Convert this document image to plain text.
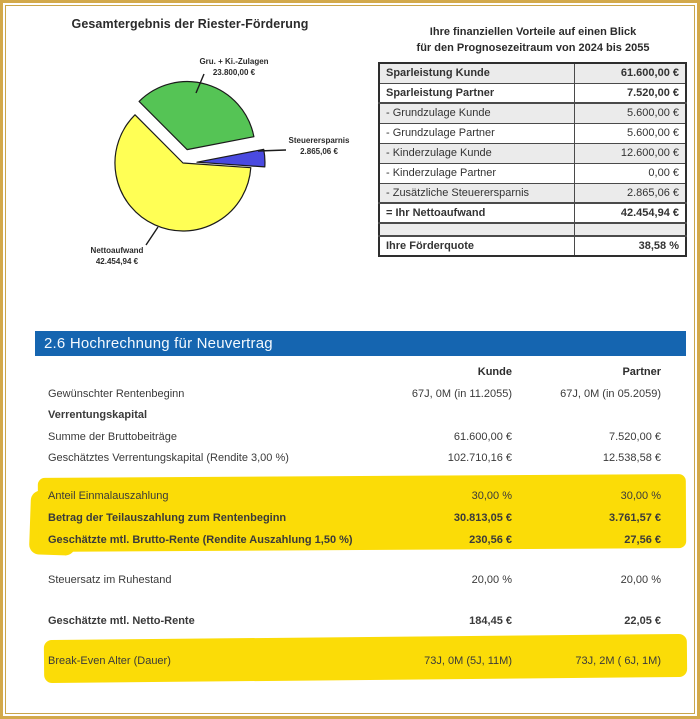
Gesamtergebnis der Riester-Förderung
Gru. + Ki.-Zulagen
23.800,00 €
Steuerersparnis
2.865,06 €
Nettoaufwand
42.454,94 €
Ihre finanziellen Vorteile auf einen Blick
für den Prognosezeitraum von 2024 bis 2055
Sparleistung Kunde	61.600,00 €
Sparleistung Partner	7.520,00 €
- Grundzulage Kunde	5.600,00 €
- Grundzulage Partner	5.600,00 €
- Kinderzulage Kunde	12.600,00 €
- Kinderzulage Partner	0,00 €
- Zusätzliche Steuerersparnis	2.865,06 €
= Ihr Nettoaufwand	42.454,94 €

Ihre Förderquote	38,58 %
2.6 Hochrechnung für Neuvertrag
Kunde	Partner
Gewünschter Rentenbeginn	67J, 0M (in 11.2055)	67J, 0M (in 05.2059)
Verrentungskapital
Summe der Bruttobeiträge	61.600,00 €	7.520,00 €
Geschätztes Verrentungskapital (Rendite 3,00 %)	102.710,16 €	12.538,58 €
Anteil Einmalauszahlung	30,00 %	30,00 %
Betrag der Teilauszahlung zum Rentenbeginn	30.813,05 €	3.761,57 €
Geschätzte mtl. Brutto-Rente (Rendite Auszahlung 1,50 %)	230,56 €	27,56 €
Steuersatz im Ruhestand	20,00 %	20,00 %
Geschätzte mtl. Netto-Rente	184,45 €	22,05 €
Break-Even Alter (Dauer)	73J, 0M (5J, 11M)	73J, 2M ( 6J, 1M)
